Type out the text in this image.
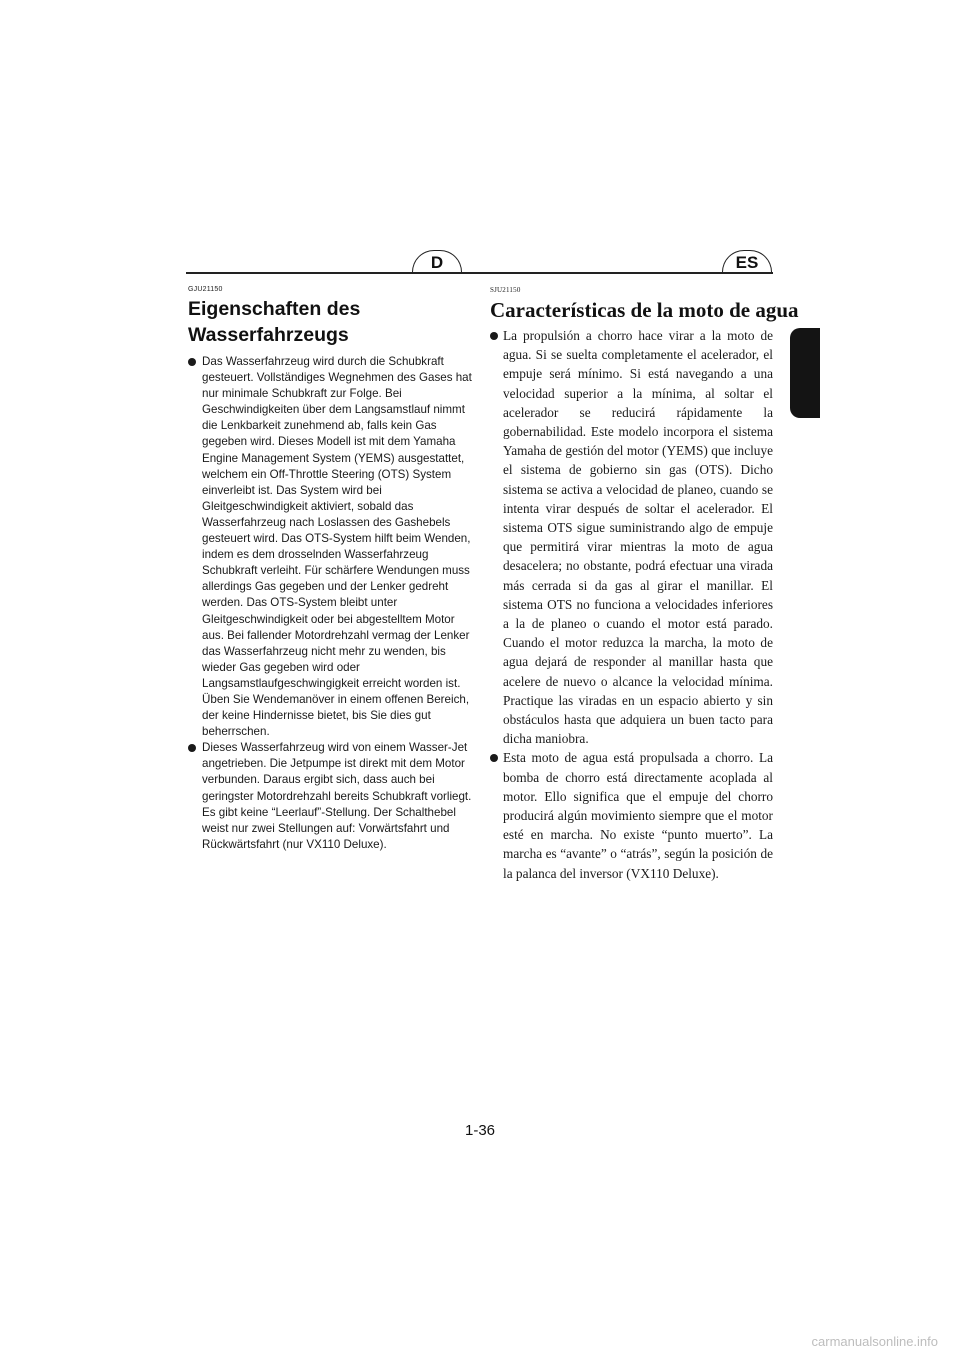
D	ES
GJU21150
Eigenschaften des Wasserfahrzeugs
Das Wasserfahrzeug wird durch die Schubkraft gesteuert. Vollständiges Wegnehmen des Gases hat nur minimale Schubkraft zur Folge. Bei Geschwindigkeiten über dem Langsamstlauf nimmt die Lenkbarkeit zunehmend ab, falls kein Gas gegeben wird. Dieses Modell ist mit dem Yamaha Engine Management System (YEMS) ausgestattet, welchem ein Off-Throttle Steering (OTS) System einverleibt ist. Das System wird bei Gleitgeschwindigkeit aktiviert, sobald das Wasserfahrzeug nach Loslassen des Gashebels gesteuert wird. Das OTS-System hilft beim Wenden, indem es dem drosselnden Wasserfahrzeug Schubkraft verleiht. Für schärfere Wendungen muss allerdings Gas gegeben und der Lenker gedreht werden. Das OTS-System bleibt unter Gleitgeschwindigkeit oder bei abgestelltem Motor aus. Bei fallender Motordrehzahl vermag der Lenker das Wasserfahrzeug nicht mehr zu wenden, bis wieder Gas gegeben wird oder Langsamstlaufgeschwingigkeit erreicht worden ist. Üben Sie Wendemanöver in einem offenen Bereich, der keine Hindernisse bietet, bis Sie dies gut beherrschen.
Dieses Wasserfahrzeug wird von einem Wasser-Jet angetrieben. Die Jetpumpe ist direkt mit dem Motor verbunden. Daraus ergibt sich, dass auch bei geringster Motordrehzahl bereits Schubkraft vorliegt. Es gibt keine “Leerlauf”-Stellung. Der Schalthebel weist nur zwei Stellungen auf: Vorwärtsfahrt und Rückwärtsfahrt (nur VX110 Deluxe).
SJU21150
Características de la moto de agua
La propulsión a chorro hace virar a la moto de agua. Si se suelta completamente el acelerador, el empuje será mínimo. Si está navegando a una velocidad superior a la mínima, al soltar el acelerador se reducirá rápidamente la gobernabilidad. Este modelo incorpora el sistema Yamaha de gestión del motor (YEMS) que incluye el sistema de gobierno sin gas (OTS). Dicho sistema se activa a velocidad de planeo, cuando se intenta virar después de soltar el acelerador. El sistema OTS sigue suministrando algo de empuje que permitirá virar mientras la moto de agua desacelera; no obstante, podrá efectuar una virada más cerrada si da gas al girar el manillar. El sistema OTS no funciona a velocidades inferiores a la de planeo o cuando el motor está parado. Cuando el motor reduzca la marcha, la moto de agua dejará de responder al manillar hasta que acelere de nuevo o alcance la velocidad mínima. Practique las viradas en un espacio abierto y sin obstáculos hasta que adquiera un buen tacto para dicha maniobra.
Esta moto de agua está propulsada a chorro. La bomba de chorro está directamente acoplada al motor. Ello significa que el empuje del chorro producirá algún movimiento siempre que el motor esté en marcha. No existe “punto muerto”. La marcha es “avante” o “atrás”, según la posición de la palanca del inversor (VX110 Deluxe).
1-36
carmanualsonline.info
